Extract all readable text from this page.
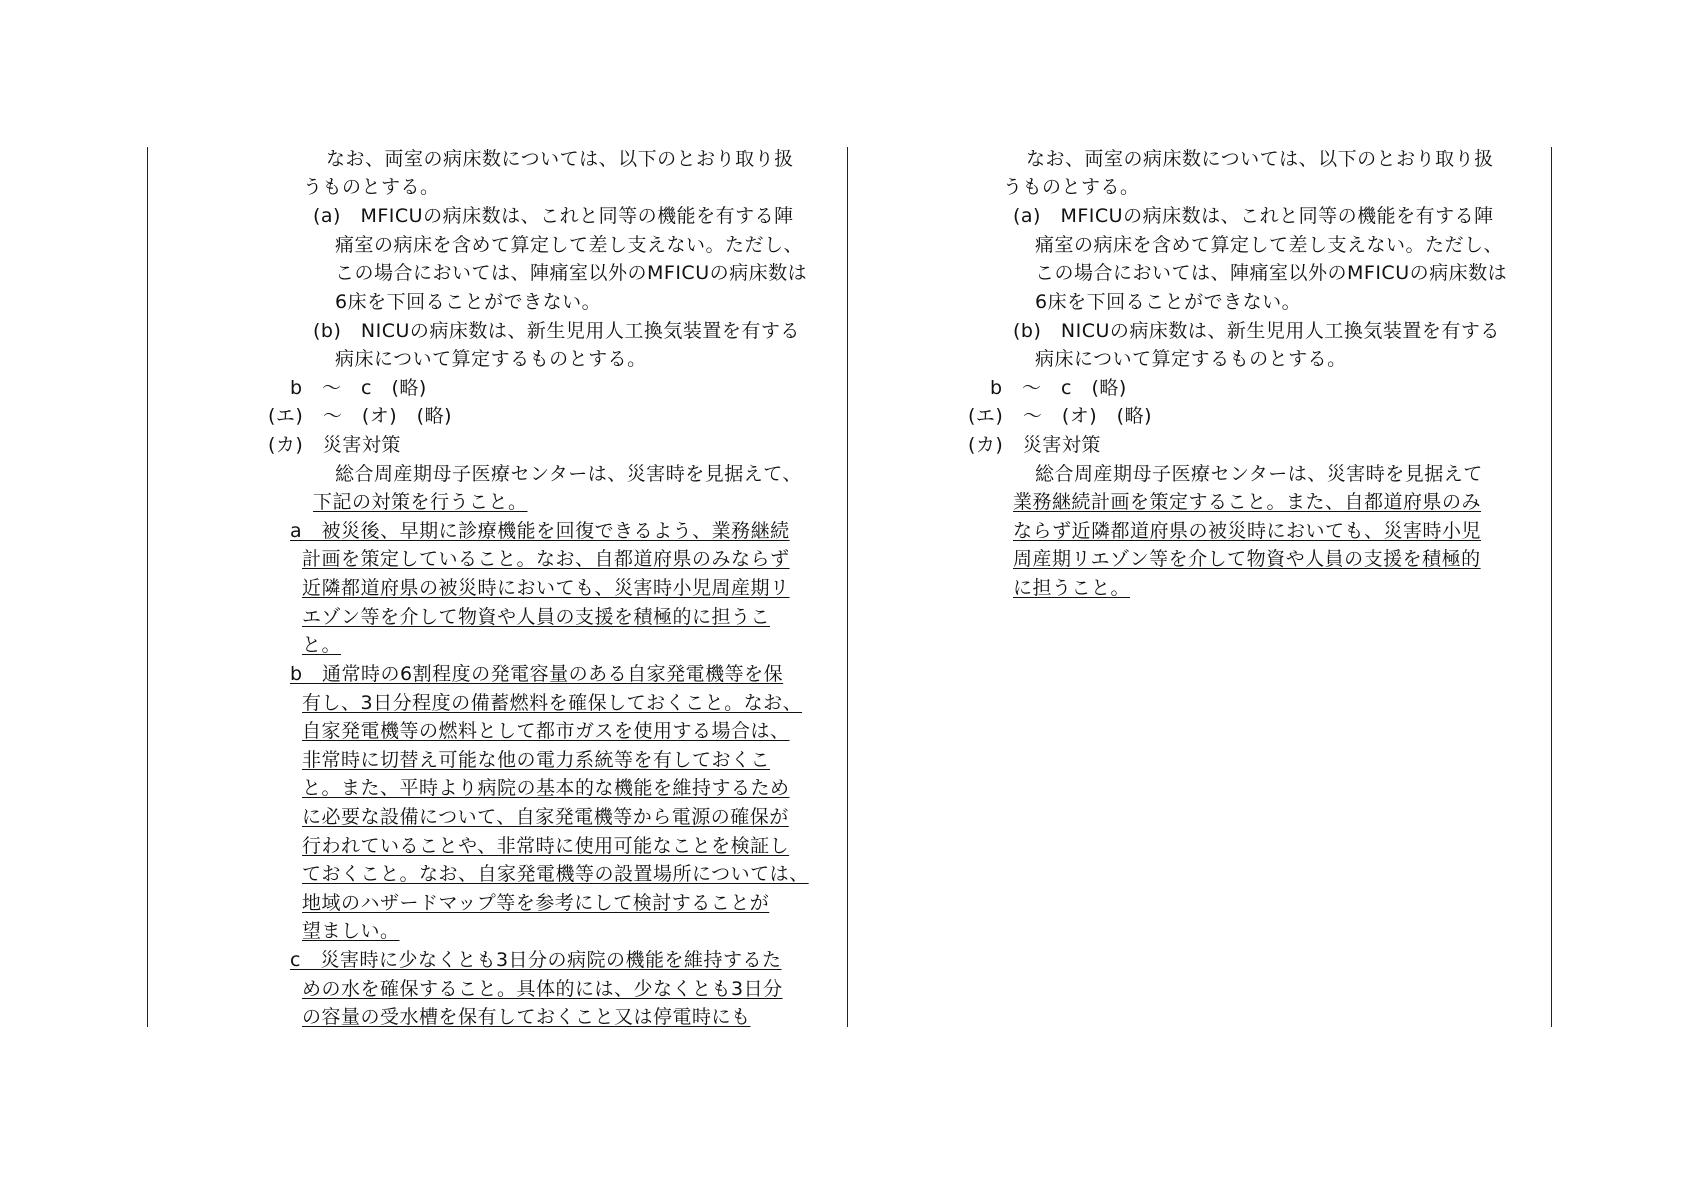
なお、両室の病床数については、以下のとおり取り扱
うものとする。
(a)　MFICUの病床数は、これと同等の機能を有する陣
痛室の病床を含めて算定して差し支えない。ただし、
この場合においては、陣痛室以外のMFICUの病床数は
6床を下回ることができない。
(b)　NICUの病床数は、新生児用人工換気装置を有する
病床について算定するものとする。
b　～　c　(略)
(エ)　～　(オ)　(略)
(カ)　災害対策
総合周産期母子医療センターは、災害時を見据えて、
下記の対策を行うこと。
a　被災後、早期に診療機能を回復できるよう、業務継続
計画を策定していること。なお、自都道府県のみならず
近隣都道府県の被災時においても、災害時小児周産期リ
エゾン等を介して物資や人員の支援を積極的に担うこ
と。
b　通常時の6割程度の発電容量のある自家発電機等を保
有し、3日分程度の備蓄燃料を確保しておくこと。なお、
自家発電機等の燃料として都市ガスを使用する場合は、
非常時に切替え可能な他の電力系統等を有しておくこ
と。また、平時より病院の基本的な機能を維持するため
に必要な設備について、自家発電機等から電源の確保が
行われていることや、非常時に使用可能なことを検証し
ておくこと。なお、自家発電機等の設置場所については、
地域のハザードマップ等を参考にして検討することが
望ましい。
c　災害時に少なくとも3日分の病院の機能を維持するた
めの水を確保すること。具体的には、少なくとも3日分
の容量の受水槽を保有しておくこと又は停電時にも
なお、両室の病床数については、以下のとおり取り扱
うものとする。
(a)　MFICUの病床数は、これと同等の機能を有する陣
痛室の病床を含めて算定して差し支えない。ただし、
この場合においては、陣痛室以外のMFICUの病床数は
6床を下回ることができない。
(b)　NICUの病床数は、新生児用人工換気装置を有する
病床について算定するものとする。
b　～　c　(略)
(エ)　～　(オ)　(略)
(カ)　災害対策
総合周産期母子医療センターは、災害時を見据えて
業務継続計画を策定すること。また、自都道府県のみ
ならず近隣都道府県の被災時においても、災害時小児
周産期リエゾン等を介して物資や人員の支援を積極的
に担うこと。
